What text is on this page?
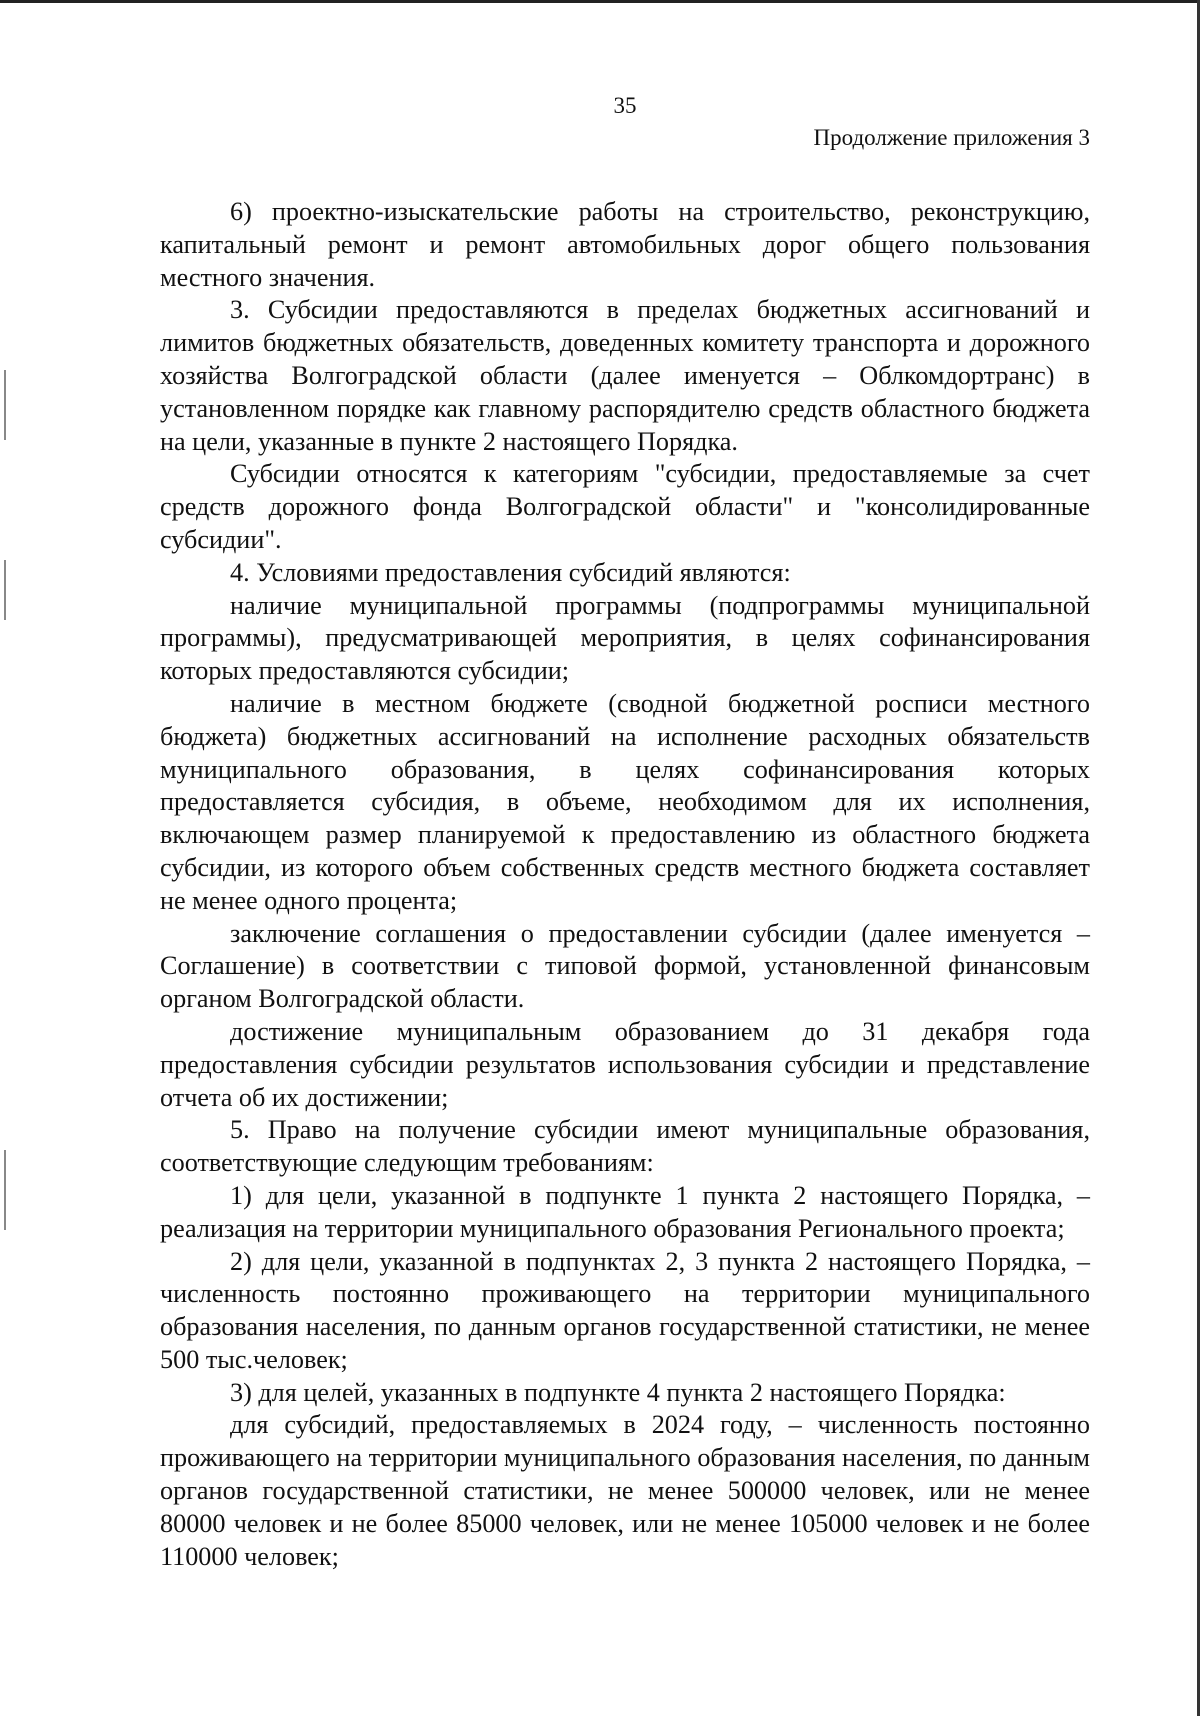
35
Продолжение приложения 3

6) проектно-изыскательские работы на строительство, реконструкцию, капитальный ремонт и ремонт автомобильных дорог общего пользования местного значения.

3. Субсидии предоставляются в пределах бюджетных ассигнований и лимитов бюджетных обязательств, доведенных комитету транспорта и дорожного хозяйства Волгоградской области (далее именуется – Облкомдортранс) в установленном порядке как главному распорядителю средств областного бюджета на цели, указанные в пункте 2 настоящего Порядка.

Субсидии относятся к категориям "субсидии, предоставляемые за счет средств дорожного фонда Волгоградской области" и "консолидированные субсидии".

4. Условиями предоставления субсидий являются:

наличие муниципальной программы (подпрограммы муниципальной программы), предусматривающей мероприятия, в целях софинансирования которых предоставляются субсидии;

наличие в местном бюджете (сводной бюджетной росписи местного бюджета) бюджетных ассигнований на исполнение расходных обязательств муниципального образования, в целях софинансирования которых предоставляется субсидия, в объеме, необходимом для их исполнения, включающем размер планируемой к предоставлению из областного бюджета субсидии, из которого объем собственных средств местного бюджета составляет не менее одного процента;

заключение соглашения о предоставлении субсидии (далее именуется – Соглашение) в соответствии с типовой формой, установленной финансовым органом Волгоградской области.

достижение муниципальным образованием до 31 декабря года предоставления субсидии результатов использования субсидии и представление отчета об их достижении;

5. Право на получение субсидии имеют муниципальные образования, соответствующие следующим требованиям:

1) для цели, указанной в подпункте 1 пункта 2 настоящего Порядка, – реализация на территории муниципального образования Регионального проекта;

2) для цели, указанной в подпунктах 2, 3 пункта 2 настоящего Порядка, – численность постоянно проживающего на территории муниципального образования населения, по данным органов государственной статистики, не менее 500 тыс.человек;

3) для целей, указанных в подпункте 4 пункта 2 настоящего Порядка:

для субсидий, предоставляемых в 2024 году, – численность постоянно проживающего на территории муниципального образования населения, по данным органов государственной статистики, не менее 500000 человек, или не менее 80000 человек и не более 85000 человек, или не менее 105000 человек и не более 110000 человек;
